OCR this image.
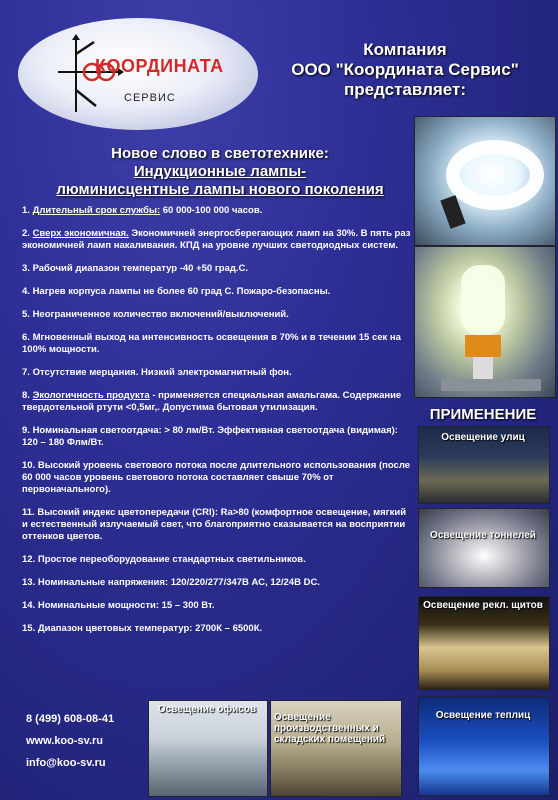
КООРДИНАТА
СЕРВИС
Компания
ООО "Координата Сервис"
представляет:
Новое слово в светотехнике:
Индукционные лампы-
люминисцентные лампы нового поколения
1. Длительный срок службы: 60 000-100 000 часов.
2. Сверх экономичная. Экономичней энергосберегающих ламп на 30%. В пять раз экономичней ламп накаливания. КПД на уровне лучших светодиодных систем.
3. Рабочий диапазон температур -40 +50 град.С.
4. Нагрев корпуса лампы не более 60 град С. Пожаро-безопасны.
5. Неограниченное количество включений/выключений.
6. Мгновенный выход на интенсивность освещения в 70% и в течении 15 сек на 100% мощности.
7. Отсутствие мерцания. Низкий электромагнитный фон.
8. Экологичность продукта - применяется специальная амальгама. Содержание твердотельной ртути <0,5мг,. Допустима бытовая утилизация.
9. Номинальная светоотдача: > 80 лм/Вт. Эффективная светоотдача (видимая): 120 – 180 Флм/Вт.
10. Высокий уровень светового потока после длительного использования (после 60 000 часов уровень светового потока составляет свыше 70% от первоначального).
11. Высокий индекс цветопередачи (CRI): Ra>80 (комфортное освещение, мягкий и естественный излучаемый свет, что благоприятно сказывается на восприятии оттенков цветов.
12. Простое переоборудование стандартных светильников.
13. Номинальные напряжения: 120/220/277/347В АС, 12/24В DC.
14. Номинальные мощности: 15 – 300 Вт.
15. Диапазон цветовых температур: 2700К – 6500К.
ПРИМЕНЕНИЕ
Освещение улиц
Освещение тоннелей
Освещение рекл. щитов
Освещение офисов
Освещение производственных и складских помещений
Освещение теплиц
8 (499) 608-08-41
www.koo-sv.ru
info@koo-sv.ru
